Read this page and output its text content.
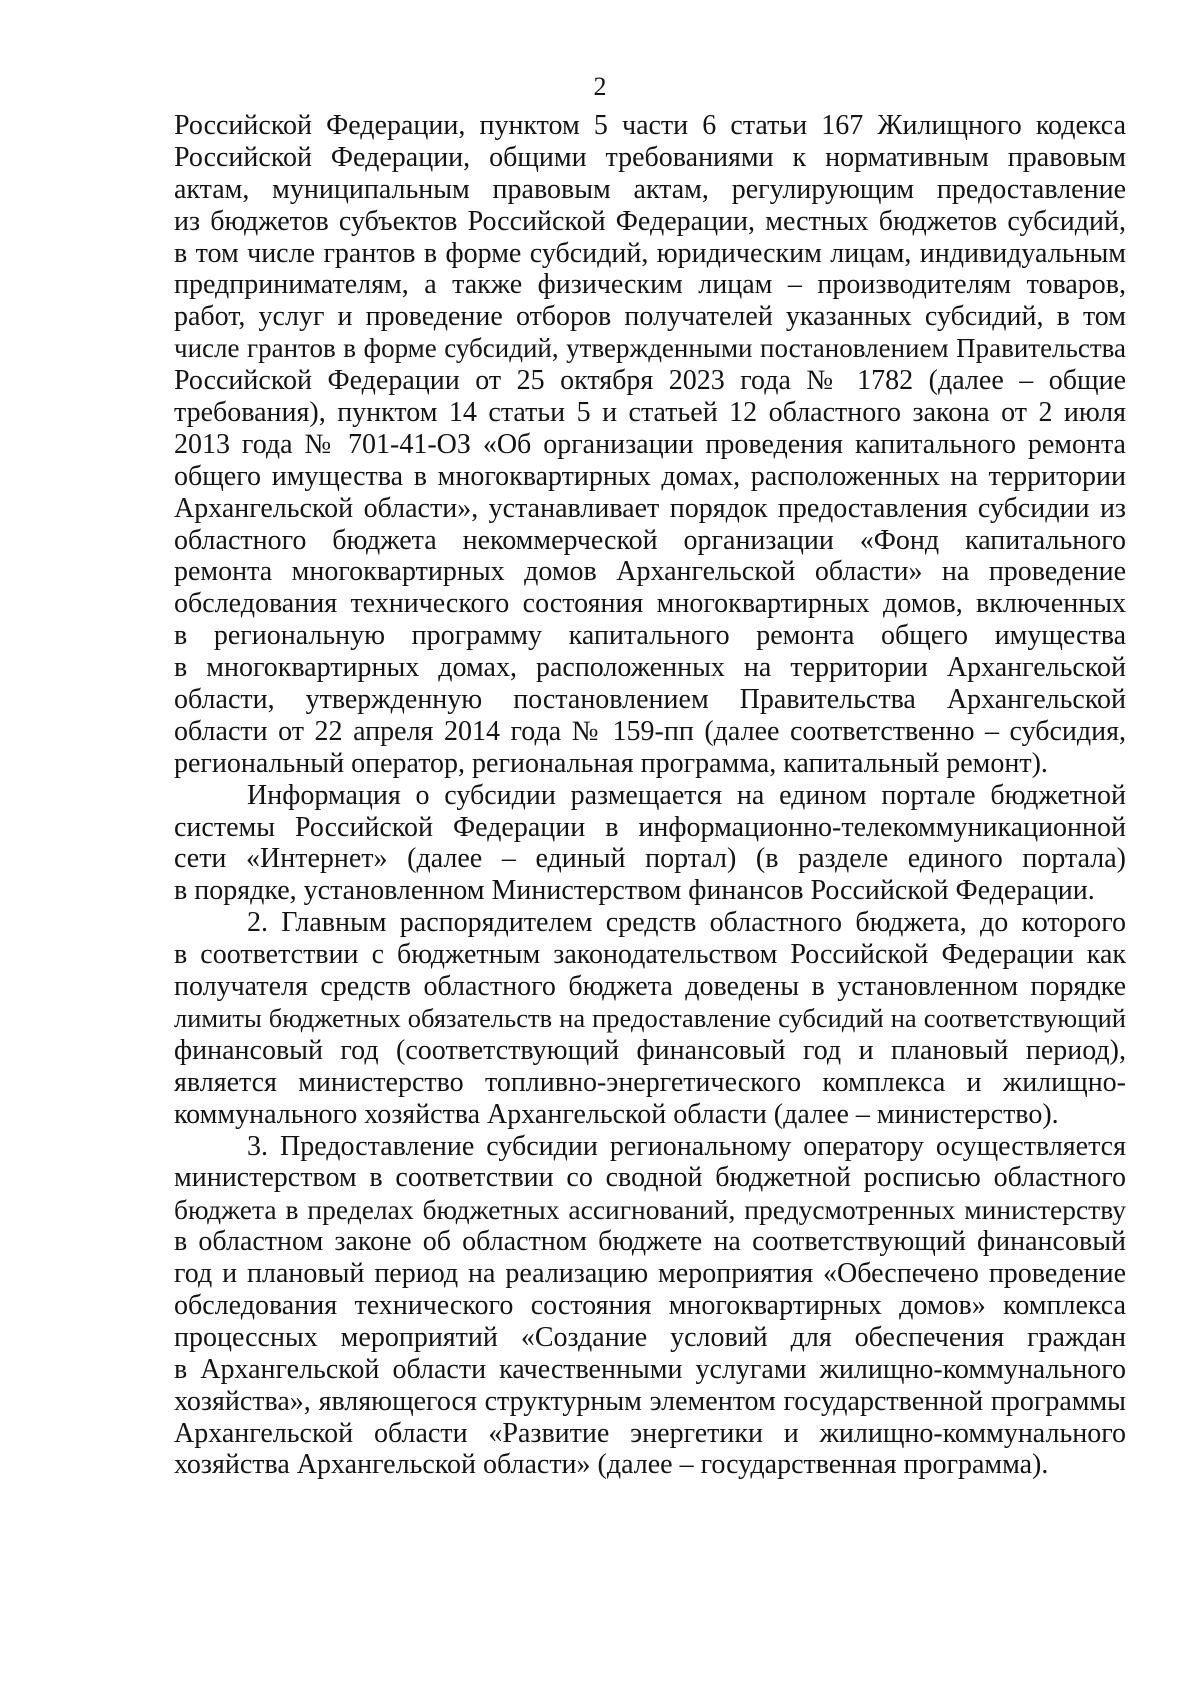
2
Российской Федерации, пунктом 5 части 6 статьи 167 Жилищного кодекса
Российской Федерации, общими требованиями к нормативным правовым
актам, муниципальным правовым актам, регулирующим предоставление
из бюджетов субъектов Российской Федерации, местных бюджетов субсидий,
в том числе грантов в форме субсидий, юридическим лицам, индивидуальным
предпринимателям, а также физическим лицам – производителям товаров,
работ, услуг и проведение отборов получателей указанных субсидий, в том
числе грантов в форме субсидий, утвержденными постановлением Правительства
Российской Федерации от 25 октября 2023 года № 1782 (далее – общие
требования), пунктом 14 статьи 5 и статьей 12 областного закона от 2 июля
2013 года № 701-41-ОЗ «Об организации проведения капитального ремонта
общего имущества в многоквартирных домах, расположенных на территории
Архангельской области», устанавливает порядок предоставления субсидии из
областного бюджета некоммерческой организации «Фонд капитального
ремонта многоквартирных домов Архангельской области» на проведение
обследования технического состояния многоквартирных домов, включенных
в региональную программу капитального ремонта общего имущества
в многоквартирных домах, расположенных на территории Архангельской
области, утвержденную постановлением Правительства Архангельской
области от 22 апреля 2014 года № 159-пп (далее соответственно – субсидия,
региональный оператор, региональная программа, капитальный ремонт).
Информация о субсидии размещается на едином портале бюджетной
системы Российской Федерации в информационно-телекоммуникационной
сети «Интернет» (далее – единый портал) (в разделе единого портала)
в порядке, установленном Министерством финансов Российской Федерации.
2. Главным распорядителем средств областного бюджета, до которого
в соответствии с бюджетным законодательством Российской Федерации как
получателя средств областного бюджета доведены в установленном порядке
лимиты бюджетных обязательств на предоставление субсидий на соответствующий
финансовый год (соответствующий финансовый год и плановый период),
является министерство топливно-энергетического комплекса и жилищно-
коммунального хозяйства Архангельской области (далее – министерство).
3. Предоставление субсидии региональному оператору осуществляется
министерством в соответствии со сводной бюджетной росписью областного
бюджета в пределах бюджетных ассигнований, предусмотренных министерству
в областном законе об областном бюджете на соответствующий финансовый
год и плановый период на реализацию мероприятия «Обеспечено проведение
обследования технического состояния многоквартирных домов» комплекса
процессных мероприятий «Создание условий для обеспечения граждан
в Архангельской области качественными услугами жилищно-коммунального
хозяйства», являющегося структурным элементом государственной программы
Архангельской области «Развитие энергетики и жилищно-коммунального
хозяйства Архангельской области» (далее – государственная программа).
